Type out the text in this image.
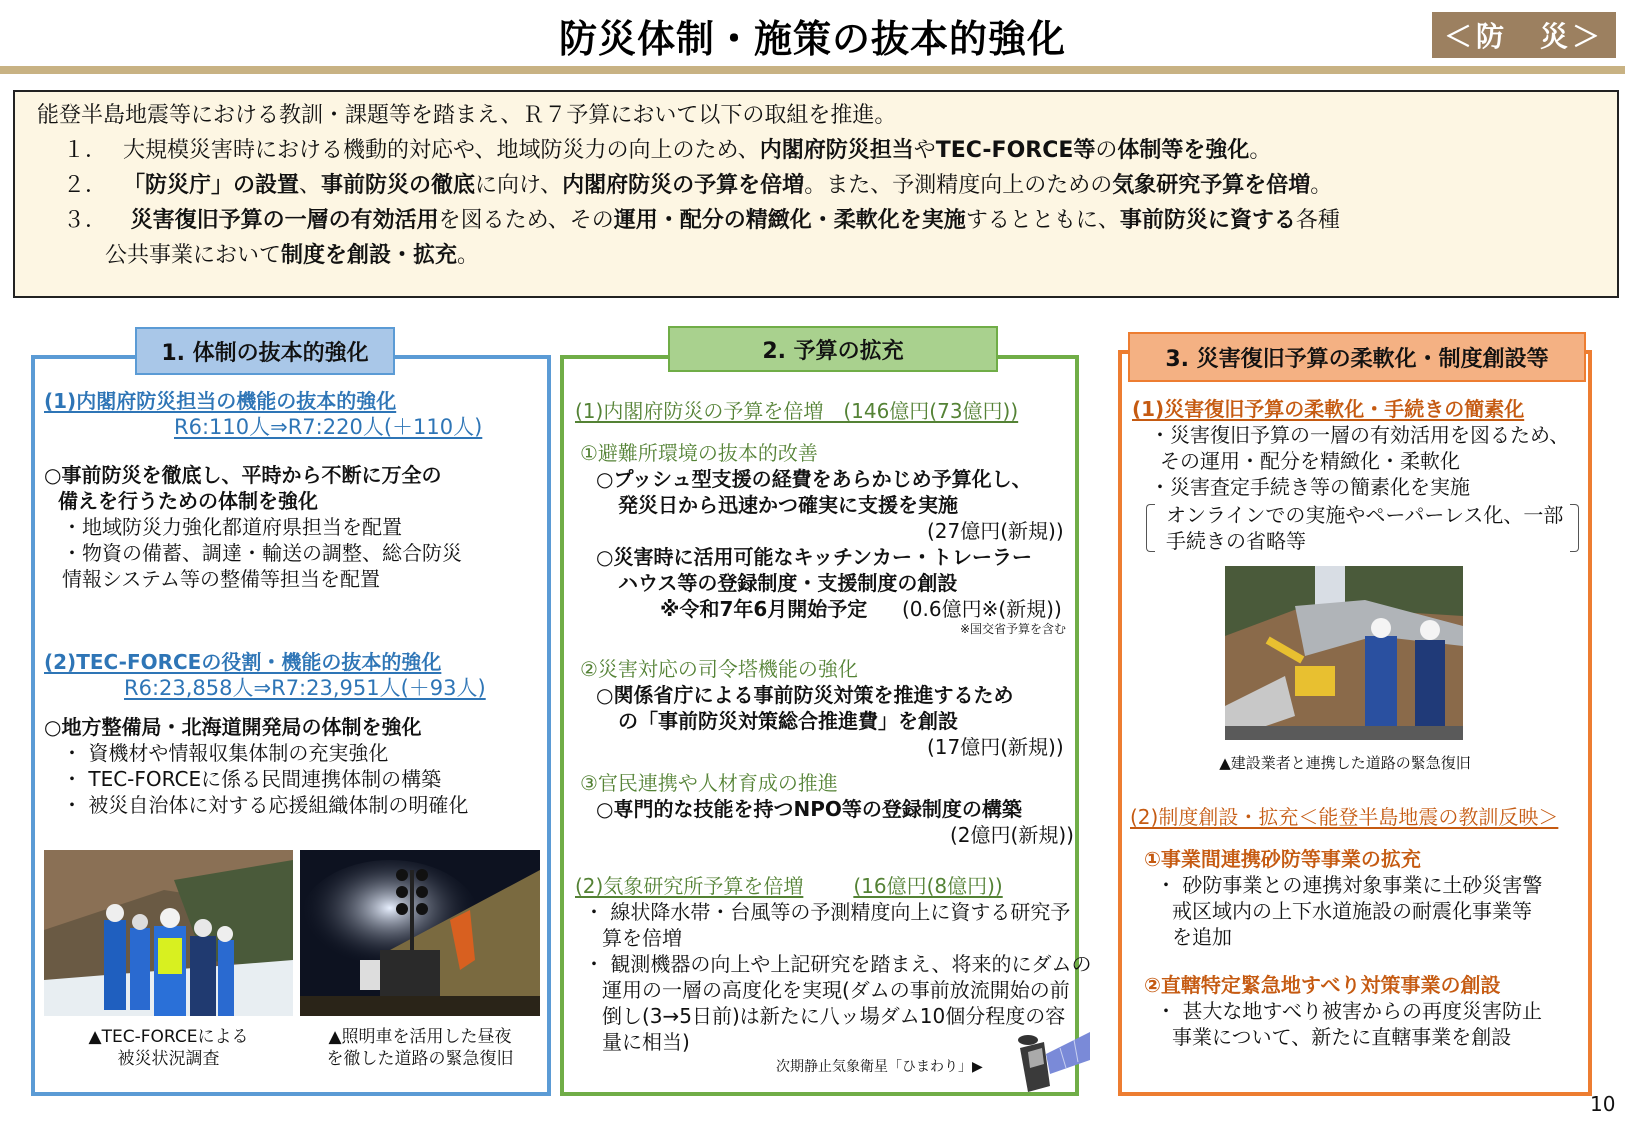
防災体制・施策の抜本的強化	＜防　災＞
能登半島地震等における教訓・課題等を踏まえ、Ｒ７予算において以下の取組を推進。
１． 大規模災害時における機動的対応や、地域防災力の向上のため、内閣府防災担当やTEC-FORCE等の体制等を強化。
２． 「防災庁」の設置、事前防災の徹底に向け、内閣府防災の予算を倍増。また、予測精度向上のための気象研究予算を倍増。
３． 災害復旧予算の一層の有効活用を図るため、その運用・配分の精緻化・柔軟化を実施するとともに、事前防災に資する各種
公共事業において制度を創設・拡充。
1. 体制の抜本的強化
(1)内閣府防災担当の機能の抜本的強化
R6:110人⇒R7:220人(＋110人)
○事前防災を徹底し、平時から不断に万全の
備えを行うための体制を強化
・地域防災力強化都道府県担当を配置
・物資の備蓄、調達・輸送の調整、総合防災
情報システム等の整備等担当を配置
(2)TEC-FORCEの役割・機能の抜本的強化
R6:23,858人⇒R7:23,951人(＋93人)
○地方整備局・北海道開発局の体制を強化
・ 資機材や情報収集体制の充実強化
・ TEC-FORCEに係る民間連携体制の構築
・ 被災自治体に対する応援組織体制の明確化
▲TEC-FORCEによる
被災状況調査
▲照明車を活用した昼夜
を徹した道路の緊急復旧
2. 予算の拡充
(1)内閣府防災の予算を倍増　(146億円(73億円))
①避難所環境の抜本的改善
○プッシュ型支援の経費をあらかじめ予算化し、
発災日から迅速かつ確実に支援を実施
(27億円(新規))
○災害時に活用可能なキッチンカー・トレーラー
ハウス等の登録制度・支援制度の創設
※令和7年6月開始予定 (0.6億円※(新規))
※国交省予算を含む
②災害対応の司令塔機能の強化
○関係省庁による事前防災対策を推進するため
の「事前防災対策総合推進費」を創設
(17億円(新規))
③官民連携や人材育成の推進
○専門的な技能を持つNPO等の登録制度の構築
(2億円(新規))
(2)気象研究所予算を倍増	(16億円(8億円))
・ 線状降水帯・台風等の予測精度向上に資する研究予
算を倍増
・ 観測機器の向上や上記研究を踏まえ、将来的にダムの
運用の一層の高度化を実現(ダムの事前放流開始の前
倒し(3→5日前)は新たに八ッ場ダム10個分程度の容
量に相当)
次期静止気象衛星「ひまわり」▶
3. 災害復旧予算の柔軟化・制度創設等
(1)災害復旧予算の柔軟化・手続きの簡素化
・災害復旧予算の一層の有効活用を図るため、
その運用・配分を精緻化・柔軟化
・災害査定手続き等の簡素化を実施
オンラインでの実施やペーパーレス化、一部
手続きの省略等
▲建設業者と連携した道路の緊急復旧
(2)制度創設・拡充＜能登半島地震の教訓反映＞
①事業間連携砂防等事業の拡充
・ 砂防事業との連携対象事業に土砂災害警
戒区域内の上下水道施設の耐震化事業等
を追加
②直轄特定緊急地すべり対策事業の創設
・ 甚大な地すべり被害からの再度災害防止
事業について、新たに直轄事業を創設
10
